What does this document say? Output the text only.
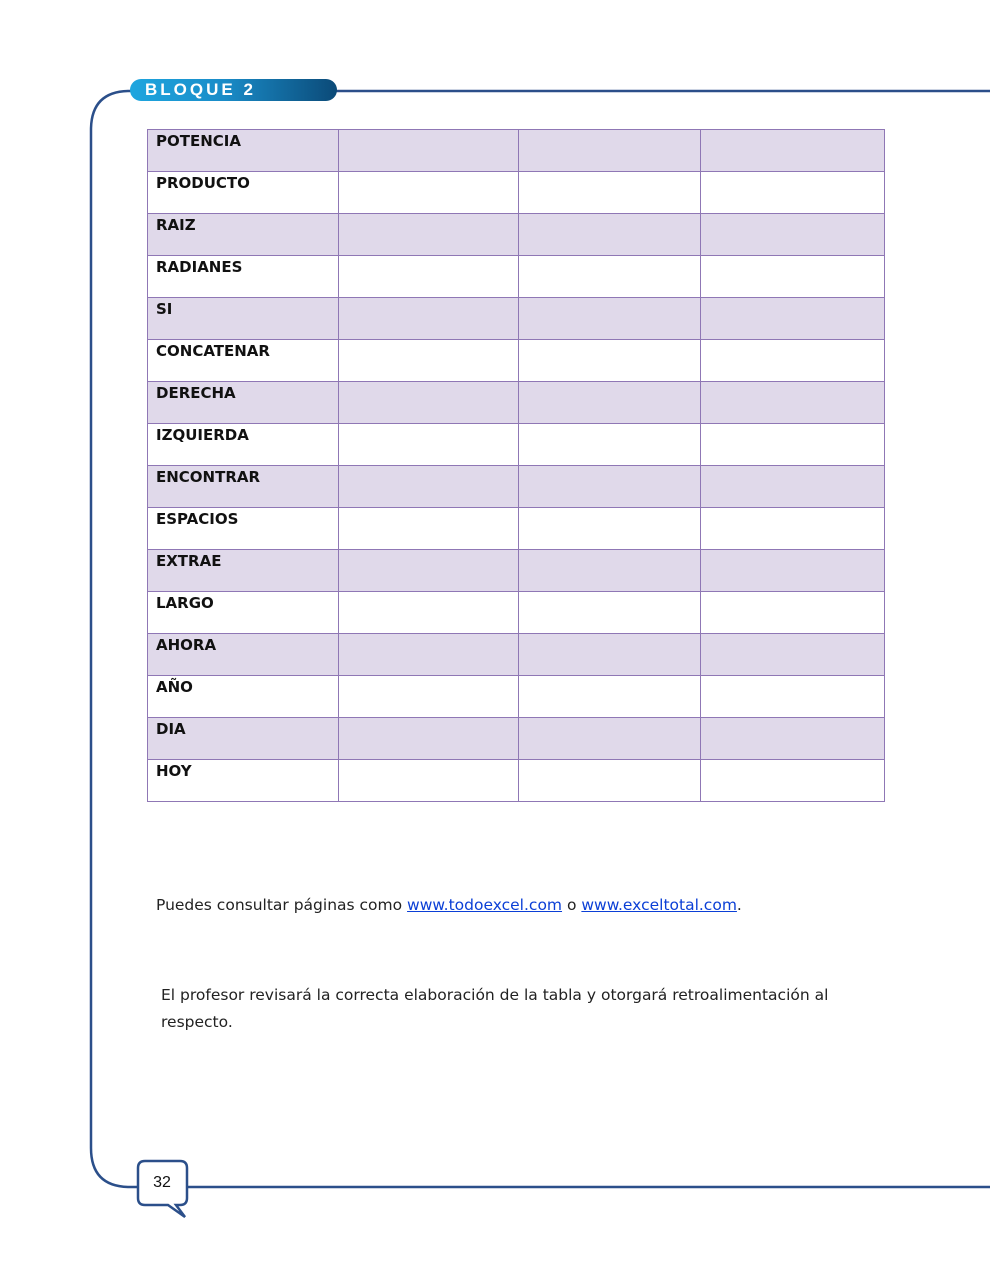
BLOQUE 2
POTENCIA			
PRODUCTO			
RAIZ			
RADIANES			
SI			
CONCATENAR			
DERECHA			
IZQUIERDA			
ENCONTRAR			
ESPACIOS			
EXTRAE			
LARGO			
AHORA			
AÑO			
DIA			
HOY			
Puedes consultar páginas como www.todoexcel.com o www.exceltotal.com.
El profesor revisará la correcta elaboración de la tabla y otorgará retroalimentación al respecto.
32
